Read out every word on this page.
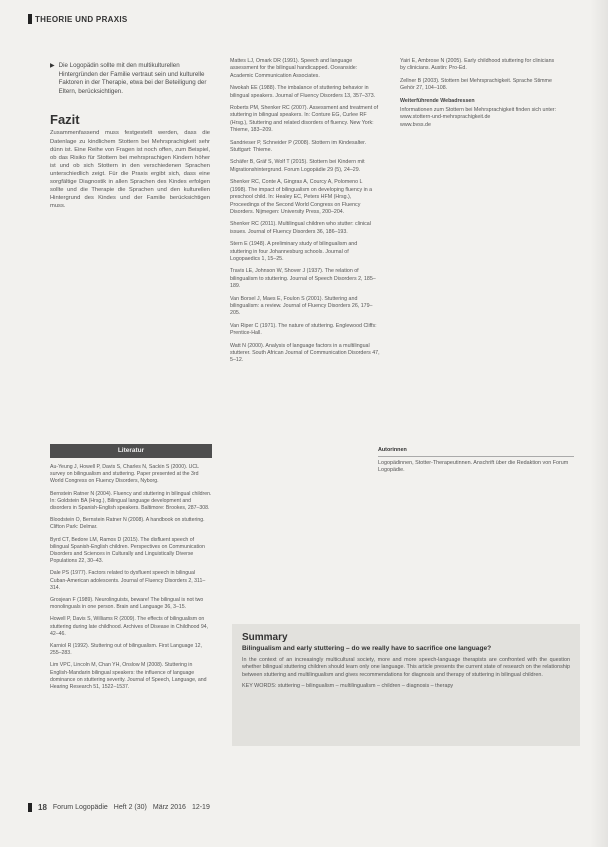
THEORIE UND PRAXIS
▶ Die Logopädin sollte mit den multikulturellen Hintergründen der Familie vertraut sein und kulturelle Faktoren in der Therapie, etwa bei der Beteiligung der Eltern, berücksichtigen.
Fazit
Zusammenfassend muss festgestellt werden, dass die Datenlage zu kindlichem Stottern bei Mehrsprachigkeit sehr dünn ist. Eine Reihe von Fragen ist noch offen, zum Beispiel, ob das Risiko für Stottern bei mehrsprachigen Kindern höher ist und ob sich Stottern in den verschiedenen Sprachen unterschiedlich zeigt. Für die Praxis ergibt sich, dass eine sorgfältige Diagnostik in allen Sprachen des Kindes erfolgen sollte und die Therapie die Sprachen und den kulturellen Hintergrund des Kindes und der Familie berücksichtigen muss.
Literatur
Au-Yeung J, Howell P, Davis S, Charles N, Sackin S (2000). UCL survey on bilingualism and stuttering. Paper presented at the 3rd World Congress on Fluency Disorders, Nyborg.
Bernstein Ratner N (2004). Fluency and stuttering in bilingual children. In: Goldstein BA (Hrsg.), Bilingual language development and disorders in Spanish-English speakers. Baltimore: Brookes, 287–308.
Bloodstein O, Bernstein Ratner N (2008). A handbook on stuttering. Clifton Park: Delmar.
Byrd CT, Bedore LM, Ramos D (2015). The disfluent speech of bilingual Spanish-English children. Perspectives on Communication Disorders and Sciences in Culturally and Linguistically Diverse Populations 22, 30–43.
Dale PS (1977). Factors related to dysfluent speech in bilingual Cuban-American adolescents. Journal of Fluency Disorders 2, 311–314.
Grosjean F (1989). Neurolinguists, beware! The bilingual is not two monolinguals in one person. Brain and Language 36, 3–15.
Howell P, Davis S, Williams R (2009). The effects of bilingualism on stuttering during late childhood. Archives of Disease in Childhood 94, 42–46.
Karniol R (1992). Stuttering out of bilingualism. First Language 12, 255–283.
Lim VPC, Lincoln M, Chan YH, Onslow M (2008). Stuttering in English-Mandarin bilingual speakers: the influence of language dominance on stuttering severity. Journal of Speech, Language, and Hearing Research 51, 1522–1537.
Mattes LJ, Omark DR (1991). Speech and language assessment for the bilingual handicapped. Oceanside: Academic Communication Associates.
Nwokah EE (1988). The imbalance of stuttering behavior in bilingual speakers. Journal of Fluency Disorders 13, 357–373.
Roberts PM, Shenker RC (2007). Assessment and treatment of stuttering in bilingual speakers. In: Conture EG, Curlee RF (Hrsg.), Stuttering and related disorders of fluency. New York: Thieme, 183–209.
Sandrieser P, Schneider P (2008). Stottern im Kindesalter. Stuttgart: Thieme.
Schäfer B, Gräf S, Wolf T (2015). Stottern bei Kindern mit Migrationshintergrund. Forum Logopädie 29 (5), 24–29.
Shenker RC, Conte A, Gingras A, Courcy A, Polomeno L (1998). The impact of bilingualism on developing fluency in a preschool child. In: Healey EC, Peters HFM (Hrsg.), Proceedings of the Second World Congress on Fluency Disorders. Nijmegen: University Press, 200–204.
Shenker RC (2011). Multilingual children who stutter: clinical issues. Journal of Fluency Disorders 36, 186–193.
Stern E (1948). A preliminary study of bilingualism and stuttering in four Johannesburg schools. Journal of Logopaedics 1, 15–25.
Travis LE, Johnson W, Shover J (1937). The relation of bilingualism to stuttering. Journal of Speech Disorders 2, 185–189.
Van Borsel J, Maes E, Foulon S (2001). Stuttering and bilingualism: a review. Journal of Fluency Disorders 26, 179–205.
Van Riper C (1971). The nature of stuttering. Englewood Cliffs: Prentice-Hall.
Watt N (2000). Analysis of language factors in a multilingual stutterer. South African Journal of Communication Disorders 47, 5–12.
Yairi E, Ambrose N (2005). Early childhood stuttering for clinicians by clinicians. Austin: Pro-Ed.
Zellner B (2003). Stottern bei Mehrsprachigkeit. Sprache Stimme Gehör 27, 104–108.
Weiterführende Webadressen
Informationen zum Stottern bei Mehrsprachigkeit finden sich unter:
www.stottern-und-mehrsprachigkeit.de
www.bvss.de
Autorinnen
Logopädinnen, Stotter-Therapeutinnen. Anschrift über die Redaktion von Forum Logopädie.
Summary
Bilingualism and early stuttering – do we really have to sacrifice one language?

In the context of an increasingly multicultural society, more and more speech-language therapists are confronted with the question whether bilingual stuttering children should learn only one language. This article presents the current state of research on the relationship between stuttering and multilingualism and gives recommendations for diagnosis and therapy of stuttering in bilingual children.

KEY WORDS: stuttering – bilingualism – multilingualism – children – diagnosis – therapy

18 Forum Logopädie Heft 2 (30) März 2016 12-19
